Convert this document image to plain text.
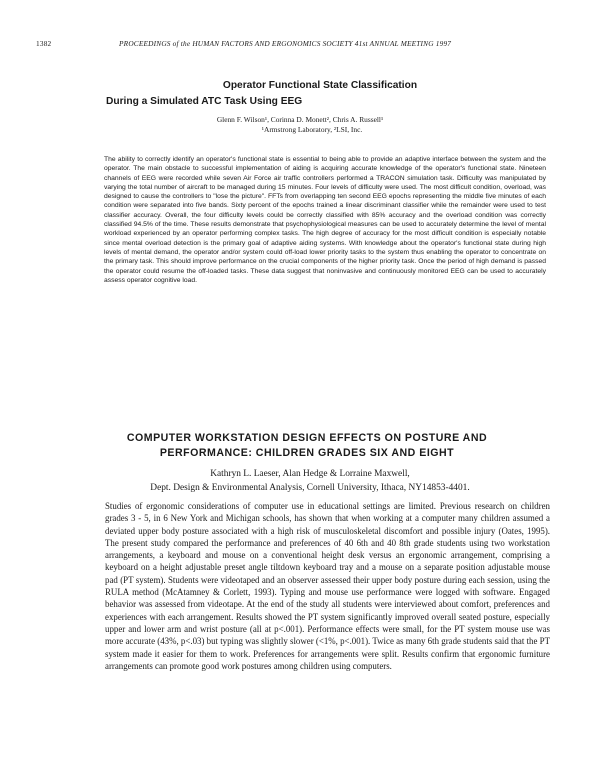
1382	PROCEEDINGS of the HUMAN FACTORS AND ERGONOMICS SOCIETY 41st ANNUAL MEETING 1997
Operator Functional State Classification
During a Simulated ATC Task Using EEG
Glenn F. Wilson¹, Corinna D. Monett², Chris A. Russell¹
¹Armstrong Laboratory, ²LSI, Inc.
The ability to correctly identify an operator's functional state is essential to being able to provide an adaptive interface between the system and the operator. The main obstacle to successful implementation of aiding is acquiring accurate knowledge of the operator's functional state. Nineteen channels of EEG were recorded while seven Air Force air traffic controllers performed a TRACON simulation task. Difficulty was manipulated by varying the total number of aircraft to be managed during 15 minutes. Four levels of difficulty were used. The most difficult condition, overload, was designed to cause the controllers to "lose the picture". FFTs from overlapping ten second EEG epochs representing the middle five minutes of each condition were separated into five bands. Sixty percent of the epochs trained a linear discriminant classifier while the remainder were used to test classifier accuracy. Overall, the four difficulty levels could be correctly classified with 85% accuracy and the overload condition was correctly classified 94.5% of the time. These results demonstrate that psychophysiological measures can be used to accurately determine the level of mental workload experienced by an operator performing complex tasks. The high degree of accuracy for the most difficult condition is especially notable since mental overload detection is the primary goal of adaptive aiding systems. With knowledge about the operator's functional state during high levels of mental demand, the operator and/or system could off-load lower priority tasks to the system thus enabling the operator to concentrate on the primary task. This should improve performance on the crucial components of the higher priority task. Once the period of high demand is passed the operator could resume the off-loaded tasks. These data suggest that noninvasive and continuously monitored EEG can be used to accurately assess operator cognitive load.
COMPUTER WORKSTATION DESIGN EFFECTS ON POSTURE AND
PERFORMANCE: CHILDREN GRADES SIX AND EIGHT
Kathryn L. Laeser, Alan Hedge & Lorraine Maxwell,
Dept. Design & Environmental Analysis, Cornell University, Ithaca, NY14853-4401.
Studies of ergonomic considerations of computer use in educational settings are limited. Previous research on children grades 3 - 5, in 6 New York and Michigan schools, has shown that when working at a computer many children assumed a deviated upper body posture associated with a high risk of musculoskeletal discomfort and possible injury (Oates, 1995). The present study compared the performance and preferences of 40 6th and 40 8th grade students using two workstation arrangements, a keyboard and mouse on a conventional height desk versus an ergonomic arrangement, comprising a keyboard on a height adjustable preset angle tiltdown keyboard tray and a mouse on a separate position adjustable mouse pad (PT system). Students were videotaped and an observer assessed their upper body posture during each session, using the RULA method (McAtamney & Corlett, 1993). Typing and mouse use performance were logged with software. Engaged behavior was assessed from videotape. At the end of the study all students were interviewed about comfort, preferences and experiences with each arrangement. Results showed the PT system significantly improved overall seated posture, especially upper and lower arm and wrist posture (all at p<.001). Performance effects were small, for the PT system mouse use was more accurate (43%, p<.03) but typing was slightly slower (<1%, p<.001). Twice as many 6th grade students said that the PT system made it easier for them to work. Preferences for arrangements were split. Results confirm that ergonomic furniture arrangements can promote good work postures among children using computers.
